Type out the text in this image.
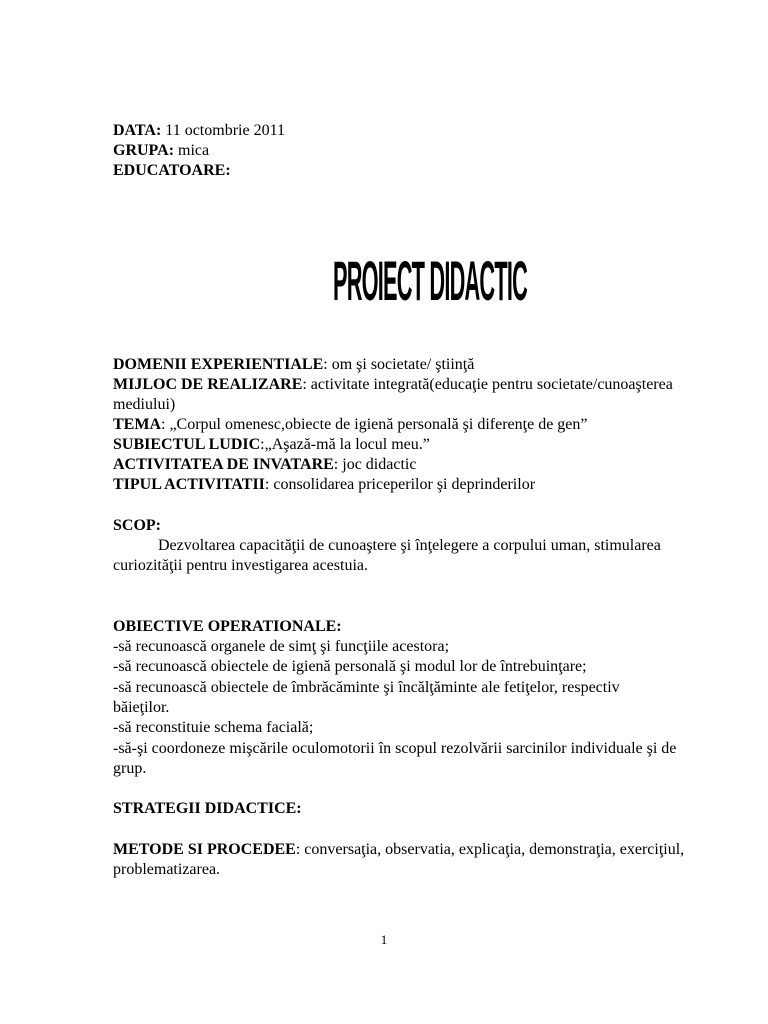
DATA: 11 octombrie 2011
GRUPA: mica
EDUCATOARE:
PROIECT DIDACTIC
DOMENII EXPERIENTIALE: om şi societate/ ştiinţă
MIJLOC DE REALIZARE: activitate integrată(educaţie pentru societate/cunoaşterea
mediului)
TEMA: „Corpul omenesc,obiecte de igienă personală şi diferenţe de gen”
SUBIECTUL LUDIC:„Aşază-mă la locul meu.”
ACTIVITATEA DE INVATARE: joc didactic
TIPUL ACTIVITATII: consolidarea priceperilor şi deprinderilor
SCOP:
Dezvoltarea capacităţii de cunoaştere şi înţelegere a corpului uman, stimularea
curiozităţii pentru investigarea acestuia.
OBIECTIVE OPERATIONALE:
-să recunoască organele de simţ şi funcţiile acestora;
-să recunoască obiectele de igienă personală şi modul lor de întrebuinţare;
-să recunoască obiectele de îmbrăcăminte şi încălţăminte ale fetiţelor, respectiv
băieţilor.
-să reconstituie schema facială;
-să-şi coordoneze mişcările oculomotorii în scopul rezolvării sarcinilor individuale şi de
grup.
STRATEGII DIDACTICE:
METODE SI PROCEDEE: conversaţia, observatia, explicaţia, demonstraţia, exerciţiul,
problematizarea.
1
